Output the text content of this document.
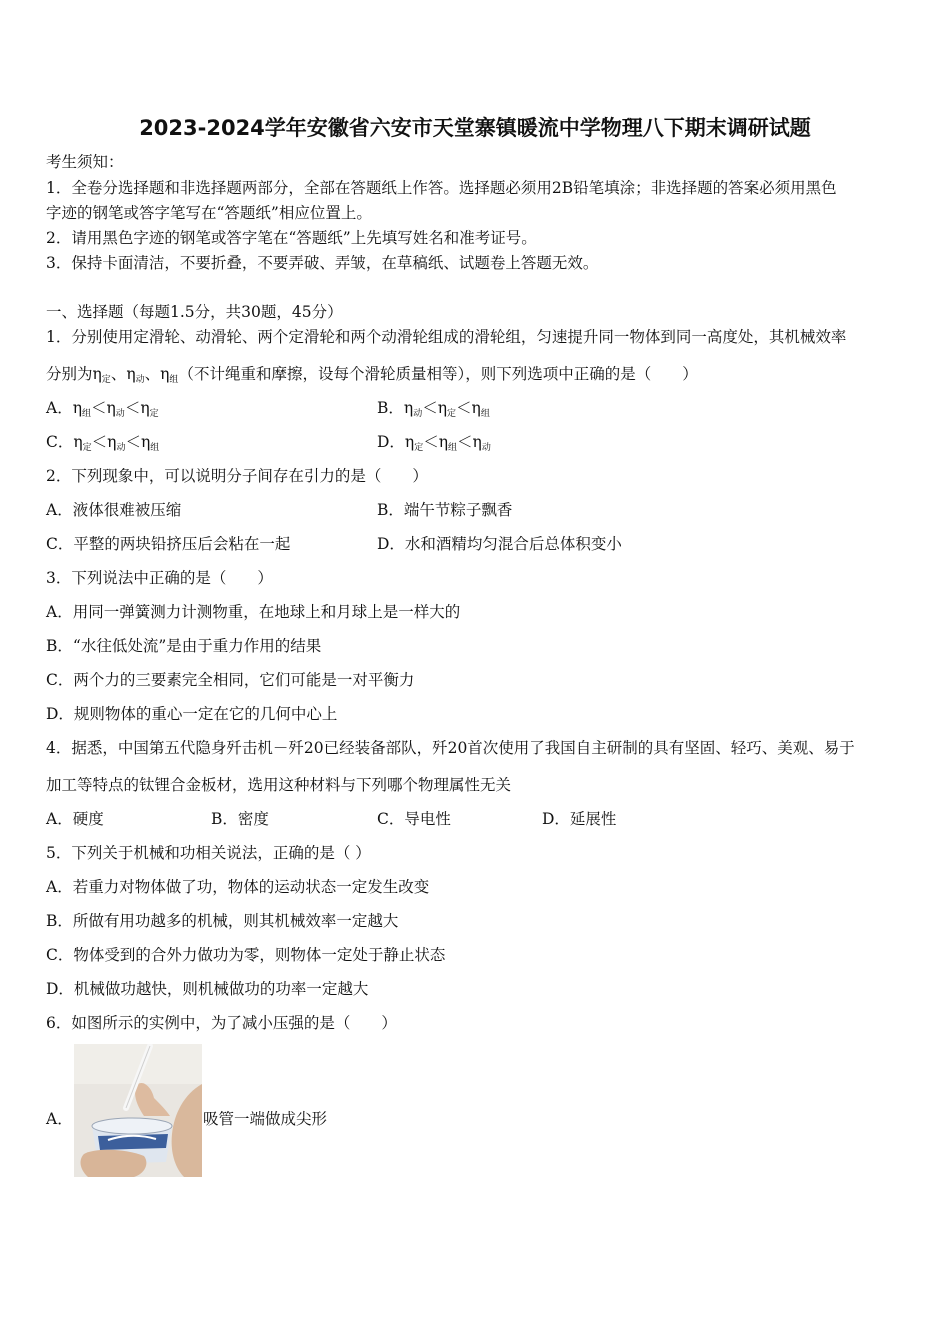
2023-2024学年安徽省六安市天堂寨镇暖流中学物理八下期末调研试题
考生须知：
1．全卷分选择题和非选择题两部分，全部在答题纸上作答。选择题必须用2B铅笔填涂；非选择题的答案必须用黑色
字迹的钢笔或答字笔写在“答题纸”相应位置上。
2．请用黑色字迹的钢笔或答字笔在“答题纸”上先填写姓名和准考证号。
3．保持卡面清洁，不要折叠，不要弄破、弄皱，在草稿纸、试题卷上答题无效。
一、选择题（每题1.5分，共30题，45分）
1．分别使用定滑轮、动滑轮、两个定滑轮和两个动滑轮组成的滑轮组，匀速提升同一物体到同一高度处，其机械效率
分别为$\eta_定$、$\eta_动$、$\eta_组$（不计绳重和摩擦，设每个滑轮质量相等），则下列选项中正确的是（　　）
A．$\eta_组<\eta_动<\eta_定$	B．$\eta_动<\eta_定<\eta_组$
C．$\eta_定<\eta_动<\eta_组$	D．$\eta_定<\eta_组<\eta_动$
2．下列现象中，可以说明分子间存在引力的是（　　）
A．液体很难被压缩	B．端午节粽子飘香
C．平整的两块铅挤压后会粘在一起	D．水和酒精均匀混合后总体积变小
3．下列说法中正确的是（　　）
A．用同一弹簧测力计测物重，在地球上和月球上是一样大的
B．“水往低处流”是由于重力作用的结果
C．两个力的三要素完全相同，它们可能是一对平衡力
D．规则物体的重心一定在它的几何中心上
4．据悉，中国第五代隐身歼击机－歼20已经装备部队，歼20首次使用了我国自主研制的具有坚固、轻巧、美观、易于
加工等特点的钛锂合金板材，选用这种材料与下列哪个物理属性无关
A．硬度	B．密度	C．导电性	D．延展性
5．下列关于机械和功相关说法，正确的是（ ）
A．若重力对物体做了功，物体的运动状态一定发生改变
B．所做有用功越多的机械，则其机械效率一定越大
C．物体受到的合外力做功为零，则物体一定处于静止状态
D．机械做功越快，则机械做功的功率一定越大
6．如图所示的实例中，为了减小压强的是（　　）
A．	吸管一端做成尖形
